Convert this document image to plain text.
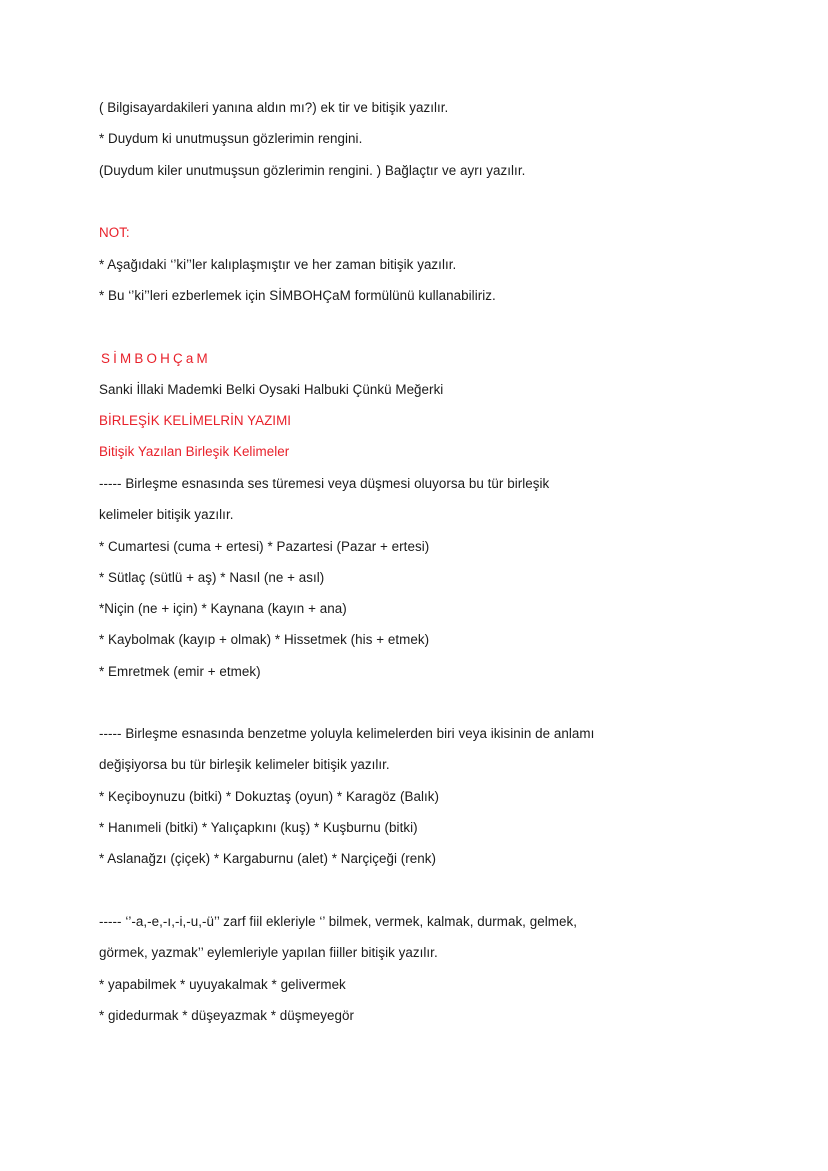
( Bilgisayardakileri yanına aldın mı?) ek tir ve bitişik yazılır.
* Duydum ki unutmuşsun gözlerimin rengini.
(Duydum kiler unutmuşsun gözlerimin rengini. ) Bağlaçtır ve ayrı yazılır.
NOT:
* Aşağıdaki ‘’ki’’ler kalıplaşmıştır ve her zaman bitişik yazılır.
* Bu ‘’ki’’leri ezberlemek için SİMBOHÇaM formülünü kullanabiliriz.
SİMBOHÇaM
Sanki İllaki Mademki Belki Oysaki Halbuki Çünkü Meğerki
BİRLEŞİK KELİMELRİN YAZIMI
Bitişik Yazılan Birleşik Kelimeler
----- Birleşme esnasında ses türemesi veya düşmesi oluyorsa bu tür birleşik
kelimeler bitişik yazılır.
* Cumartesi (cuma + ertesi) * Pazartesi (Pazar + ertesi)
* Sütlaç (sütlü + aş) * Nasıl (ne + asıl)
*Niçin (ne + için) * Kaynana (kayın + ana)
* Kaybolmak (kayıp + olmak) * Hissetmek (his + etmek)
* Emretmek (emir + etmek)
----- Birleşme esnasında benzetme yoluyla kelimelerden biri veya ikisinin de anlamı
değişiyorsa bu tür birleşik kelimeler bitişik yazılır.
* Keçiboynuzu (bitki) * Dokuztaş (oyun) * Karagöz (Balık)
* Hanımeli (bitki) * Yalıçapkını (kuş) * Kuşburnu (bitki)
* Aslanağzı (çiçek) * Kargaburnu (alet) * Narçiçeği (renk)
----- ‘’-a,-e,-ı,-i,-u,-ü’’ zarf fiil ekleriyle ‘’ bilmek, vermek, kalmak, durmak, gelmek,
görmek, yazmak’’ eylemleriyle yapılan fiiller bitişik yazılır.
* yapabilmek * uyuyakalmak * gelivermek
* gidedurmak * düşeyazmak * düşmeyegör
